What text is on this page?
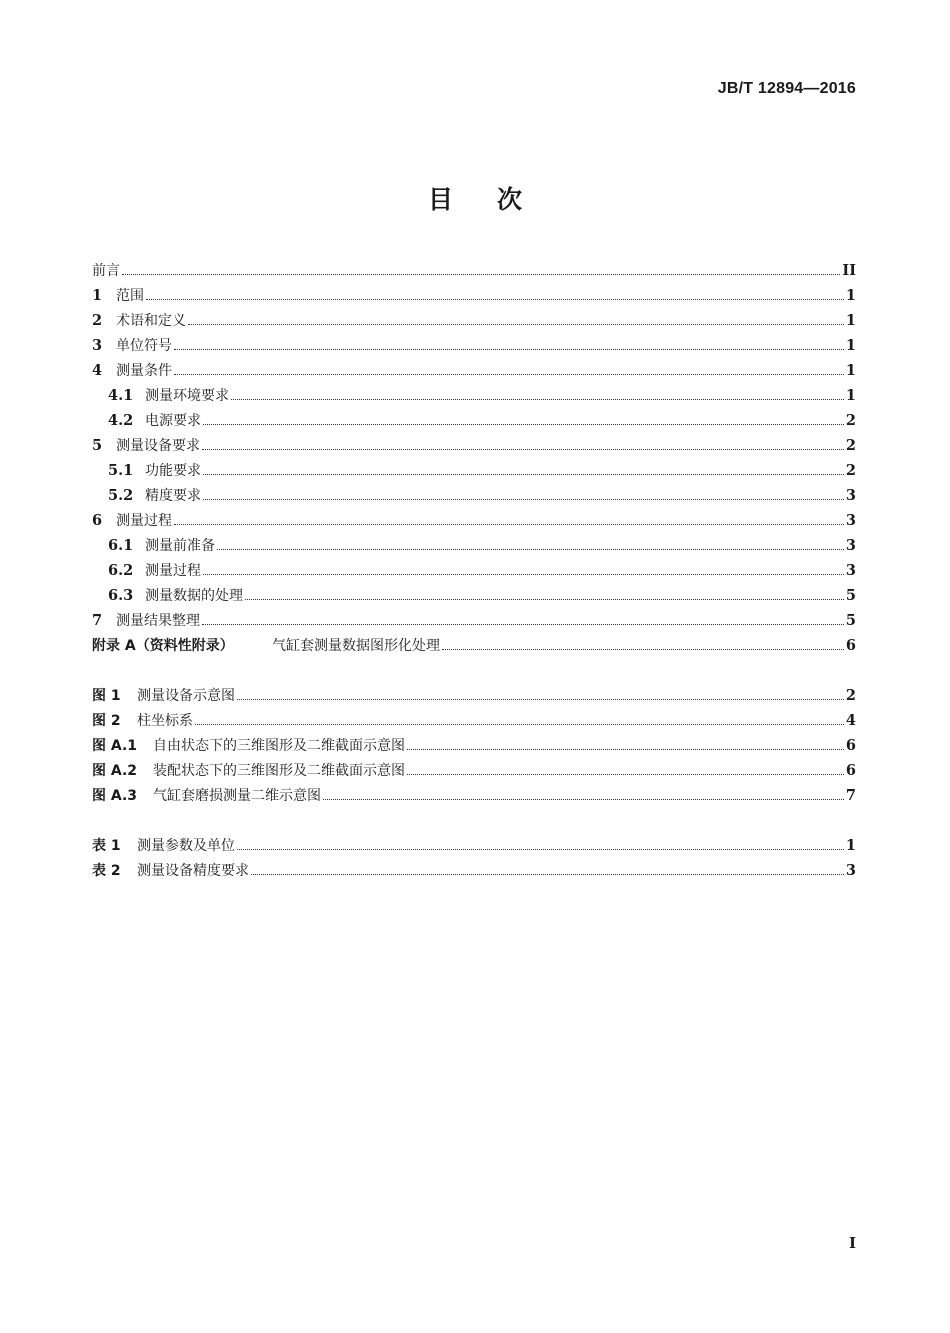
JB/T 12894—2016
目 次
前言	II
1 范围	1
2 术语和定义	1
3 单位符号	1
4 测量条件	1
4.1 测量环境要求	1
4.2 电源要求	2
5 测量设备要求	2
5.1 功能要求	2
5.2 精度要求	3
6 测量过程	3
6.1 测量前准备	3
6.2 测量过程	3
6.3 测量数据的处理	5
7 测量结果整理	5
附录 A（资料性附录）	气缸套测量数据图形化处理	6
图 1	测量设备示意图	2
图 2	柱坐标系	4
图 A.1	自由状态下的三维图形及二维截面示意图	6
图 A.2	装配状态下的三维图形及二维截面示意图	6
图 A.3	气缸套磨损测量二维示意图	7
表 1	测量参数及单位	1
表 2	测量设备精度要求	3
I
